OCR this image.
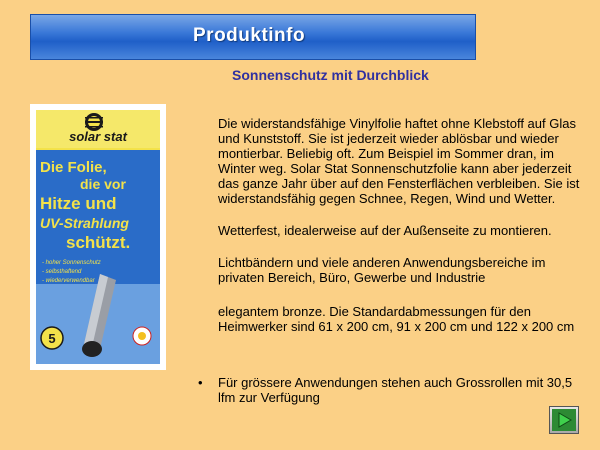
Produktinfo
Sonnenschutz mit Durchblick
solar stat
Die Folie,
die vor
Hitze und
UV-Strahlung
schützt.
- hoher Sonnenschutz
- selbsthaftend
- wiederverwendbar
5

Die widerstandsfähige Vinylfolie haftet ohne Klebstoff auf Glas und Kunststoff. Sie ist jederzeit wieder ablösbar und wieder montierbar. Beliebig oft. Zum Beispiel im Sommer dran, im Winter weg. Solar Stat Sonnenschutzfolie kann aber jederzeit das ganze Jahr über auf den Fensterflächen verbleiben. Sie ist widerstandsfähig gegen Schnee, Regen, Wind und Wetter.

Wetterfest, idealerweise auf der Außenseite zu montieren.

Lichtbändern und viele anderen Anwendungsbereiche im privaten Bereich, Büro, Gewerbe und Industrie

elegantem bronze. Die Standardabmessungen für den Heimwerker sind 61 x 200 cm, 91 x 200 cm und 122 x 200 cm

• Für grössere Anwendungen stehen auch Grossrollen mit 30,5 lfm zur Verfügung
